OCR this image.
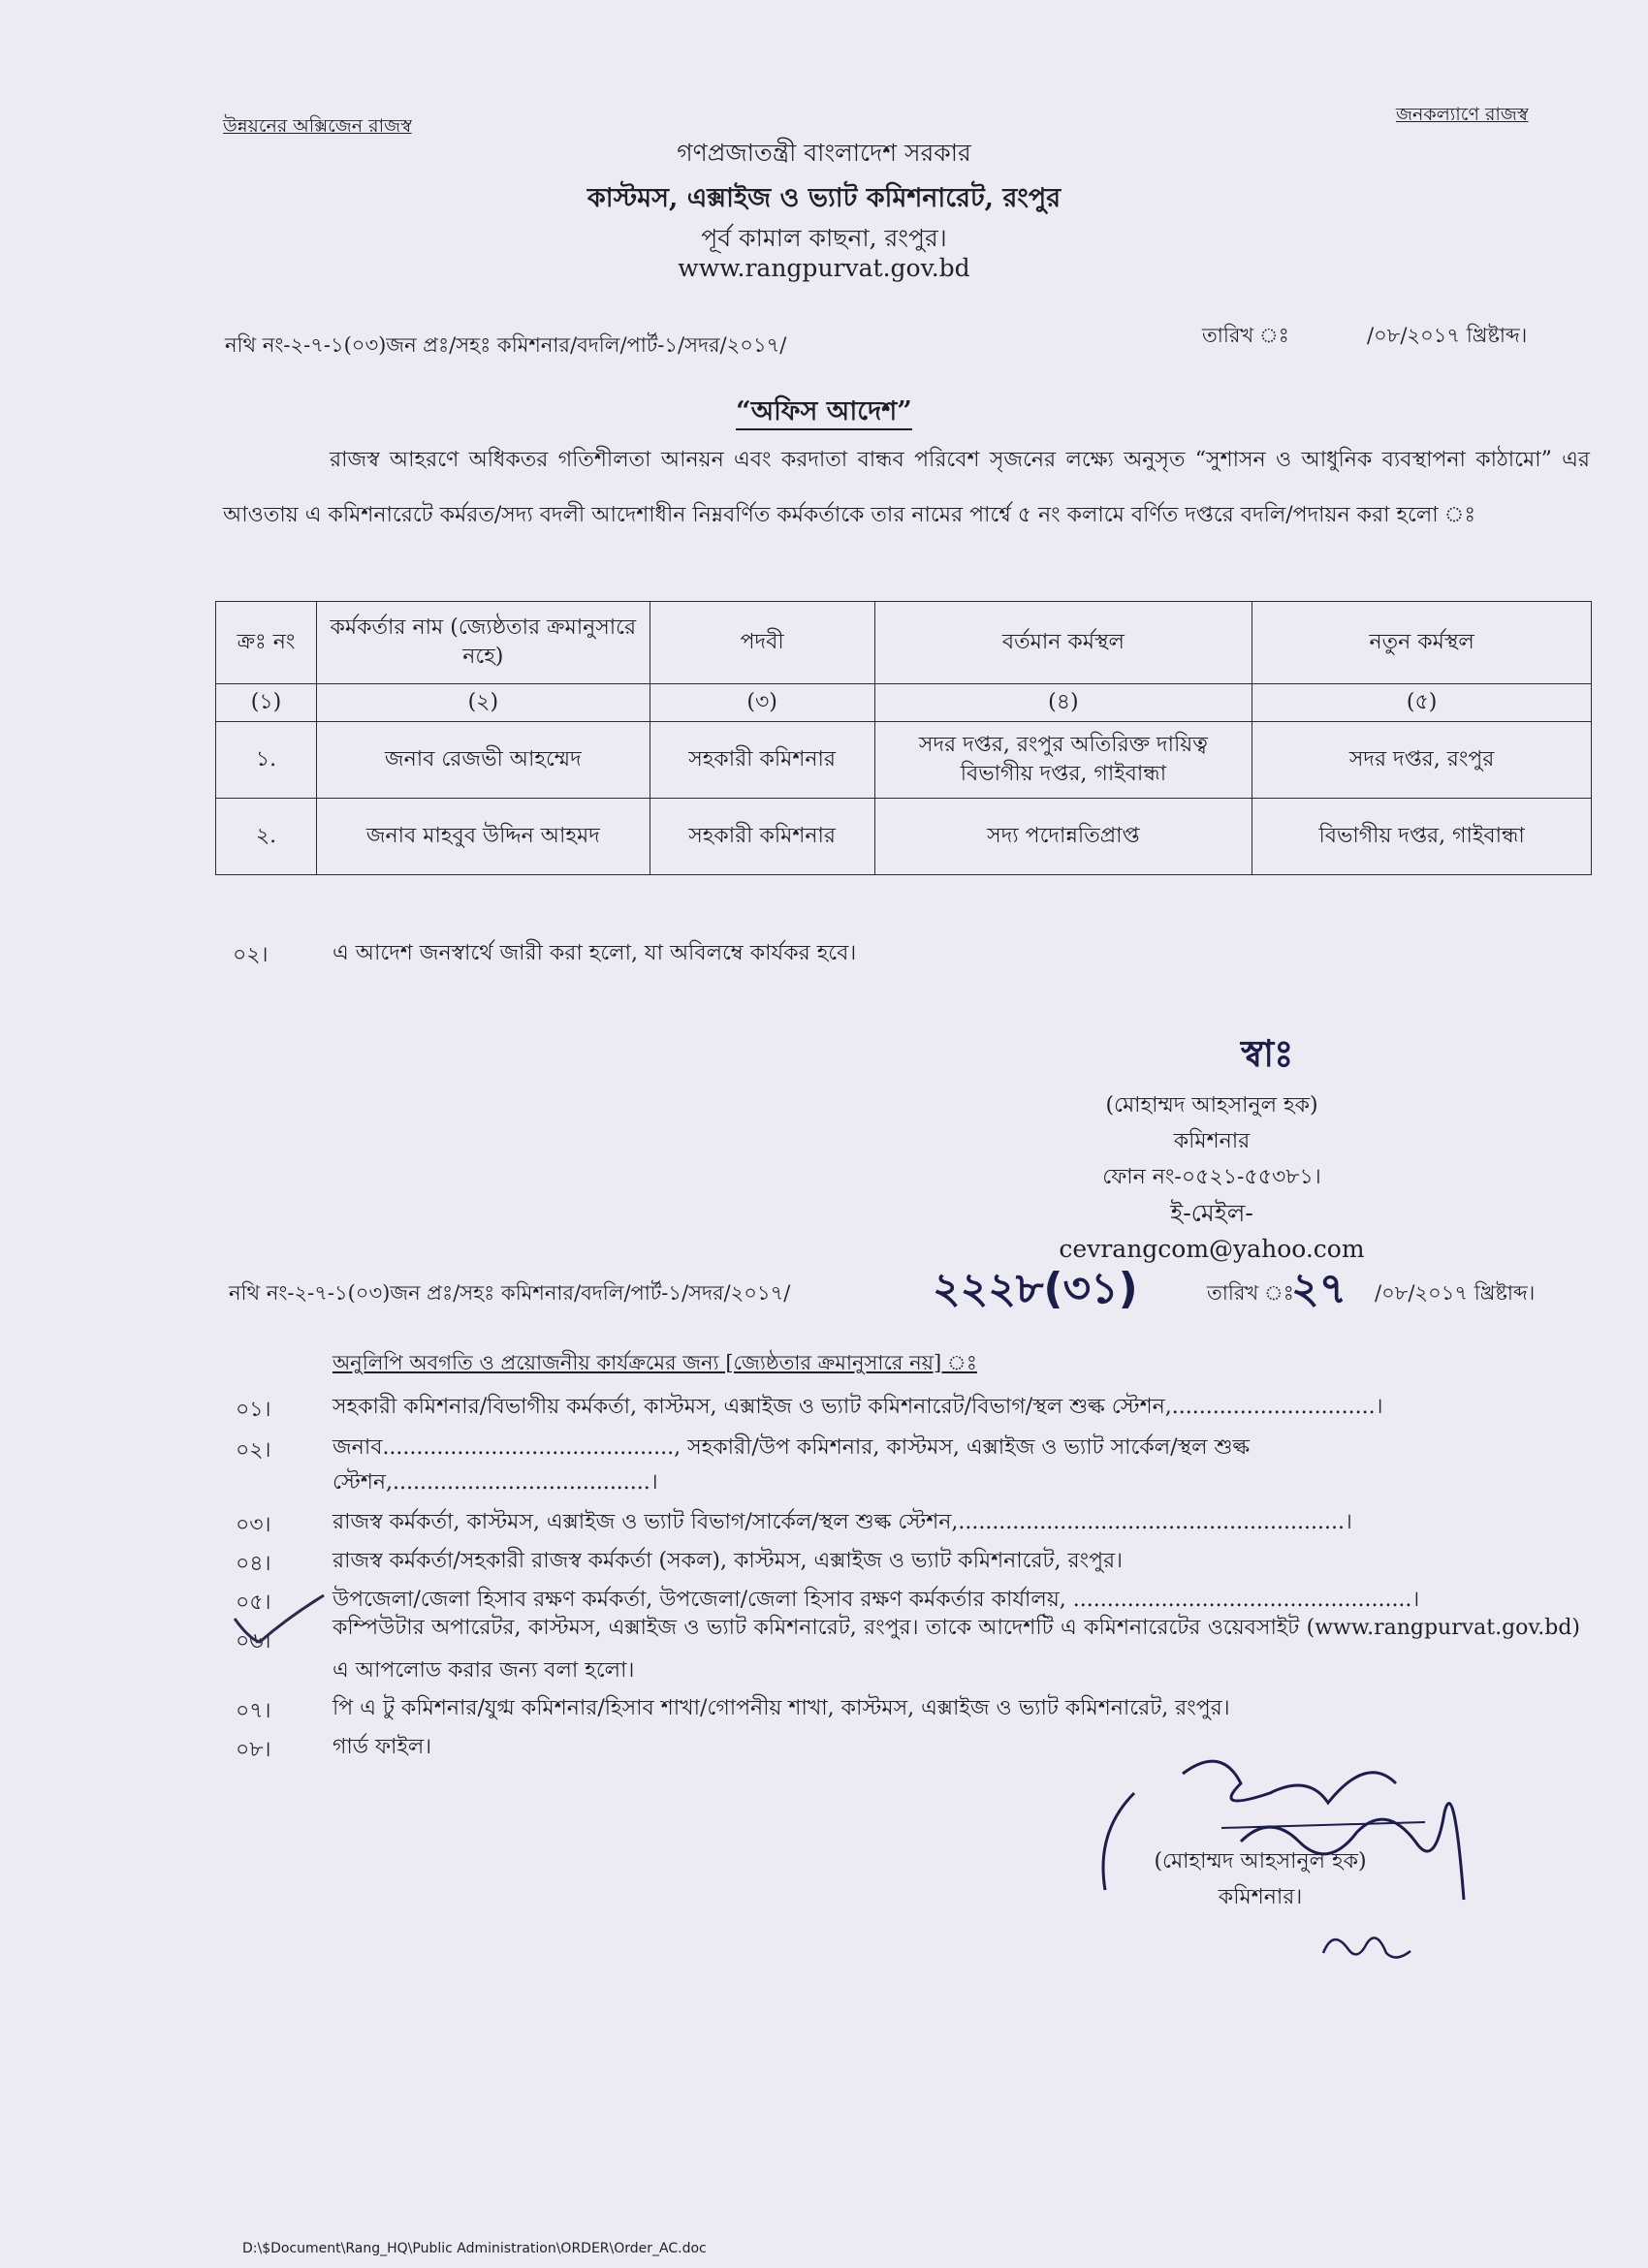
উন্নয়নের অক্সিজেন রাজস্ব
জনকল্যাণে রাজস্ব
গণপ্রজাতন্ত্রী বাংলাদেশ সরকার
কাস্টমস, এক্সাইজ ও ভ্যাট কমিশনারেট, রংপুর
পূর্ব কামাল কাছনা, রংপুর।
www.rangpurvat.gov.bd
নথি নং-২-৭-১(০৩)জন প্রঃ/সহঃ কমিশনার/বদলি/পার্ট-১/সদর/২০১৭/	তারিখ ঃ	/০৮/২০১৭ খ্রিষ্টাব্দ।
“অফিস আদেশ”
রাজস্ব আহরণে অধিকতর গতিশীলতা আনয়ন এবং করদাতা বান্ধব পরিবেশ সৃজনের লক্ষ্যে অনুসৃত “সুশাসন ও আধুনিক ব্যবস্থাপনা কাঠামো” এর আওতায় এ কমিশনারেটে কর্মরত/সদ্য বদলী আদেশাধীন নিম্নবর্ণিত কর্মকর্তাকে তার নামের পার্শ্বে ৫ নং কলামে বর্ণিত দপ্তরে বদলি/পদায়ন করা হলো ঃ
ক্রঃ নং	কর্মকর্তার নাম (জ্যেষ্ঠতার ক্রমানুসারে নহে)	পদবী	বর্তমান কর্মস্থল	নতুন কর্মস্থল
(১)	(২)	(৩)	(৪)	(৫)
১.	জনাব রেজভী আহম্মেদ	সহকারী কমিশনার	সদর দপ্তর, রংপুর অতিরিক্ত দায়িত্ব বিভাগীয় দপ্তর, গাইবান্ধা	সদর দপ্তর, রংপুর
২.	জনাব মাহবুব উদ্দিন আহমদ	সহকারী কমিশনার	সদ্য পদোন্নতিপ্রাপ্ত	বিভাগীয় দপ্তর, গাইবান্ধা
০২।	এ আদেশ জনস্বার্থে জারী করা হলো, যা অবিলম্বে কার্যকর হবে।
স্বাঃ
(মোহাম্মদ আহসানুল হক)
কমিশনার
ফোন নং-০৫২১-৫৫৩৮১।
ই-মেইল-cevrangcom@yahoo.com
নথি নং-২-৭-১(০৩)জন প্রঃ/সহঃ কমিশনার/বদলি/পার্ট-১/সদর/২০১৭/	২২২৮(৩১)	তারিখ ঃ
২৭ /০৮/২০১৭ খ্রিষ্টাব্দ।
অনুলিপি অবগতি ও প্রয়োজনীয় কার্যক্রমের জন্য [জ্যেষ্ঠতার ক্রমানুসারে নয়] ঃ
০১।	সহকারী কমিশনার/বিভাগীয় কর্মকর্তা, কাস্টমস, এক্সাইজ ও ভ্যাট কমিশনারেট/বিভাগ/স্থল শুল্ক স্টেশন,..............................।
০২।	জনাব..........................................., সহকারী/উপ কমিশনার, কাস্টমস, এক্সাইজ ও ভ্যাট সার্কেল/স্থল শুল্ক স্টেশন,......................................।
০৩।	রাজস্ব কর্মকর্তা, কাস্টমস, এক্সাইজ ও ভ্যাট বিভাগ/সার্কেল/স্থল শুল্ক স্টেশন,.........................................................।
০৪।	রাজস্ব কর্মকর্তা/সহকারী রাজস্ব কর্মকর্তা (সকল), কাস্টমস, এক্সাইজ ও ভ্যাট কমিশনারেট, রংপুর।
০৫।	উপজেলা/জেলা হিসাব রক্ষণ কর্মকর্তা, উপজেলা/জেলা হিসাব রক্ষণ কর্মকর্তার কার্যালয়, ..................................................।
০৬।
কম্পিউটার অপারেটর, কাস্টমস, এক্সাইজ ও ভ্যাট কমিশনারেট, রংপুর। তাকে আদেশটি এ কমিশনারেটের ওয়েবসাইট (www.rangpurvat.gov.bd) এ আপলোড করার জন্য বলা হলো।
০৭।	পি এ টু কমিশনার/যুগ্ম কমিশনার/হিসাব শাখা/গোপনীয় শাখা, কাস্টমস, এক্সাইজ ও ভ্যাট কমিশনারেট, রংপুর।
০৮।	গার্ড ফাইল।
(মোহাম্মদ আহসানুল হক)
কমিশনার।
D:\$Document\Rang_HQ\Public Administration\ORDER\Order_AC.doc
